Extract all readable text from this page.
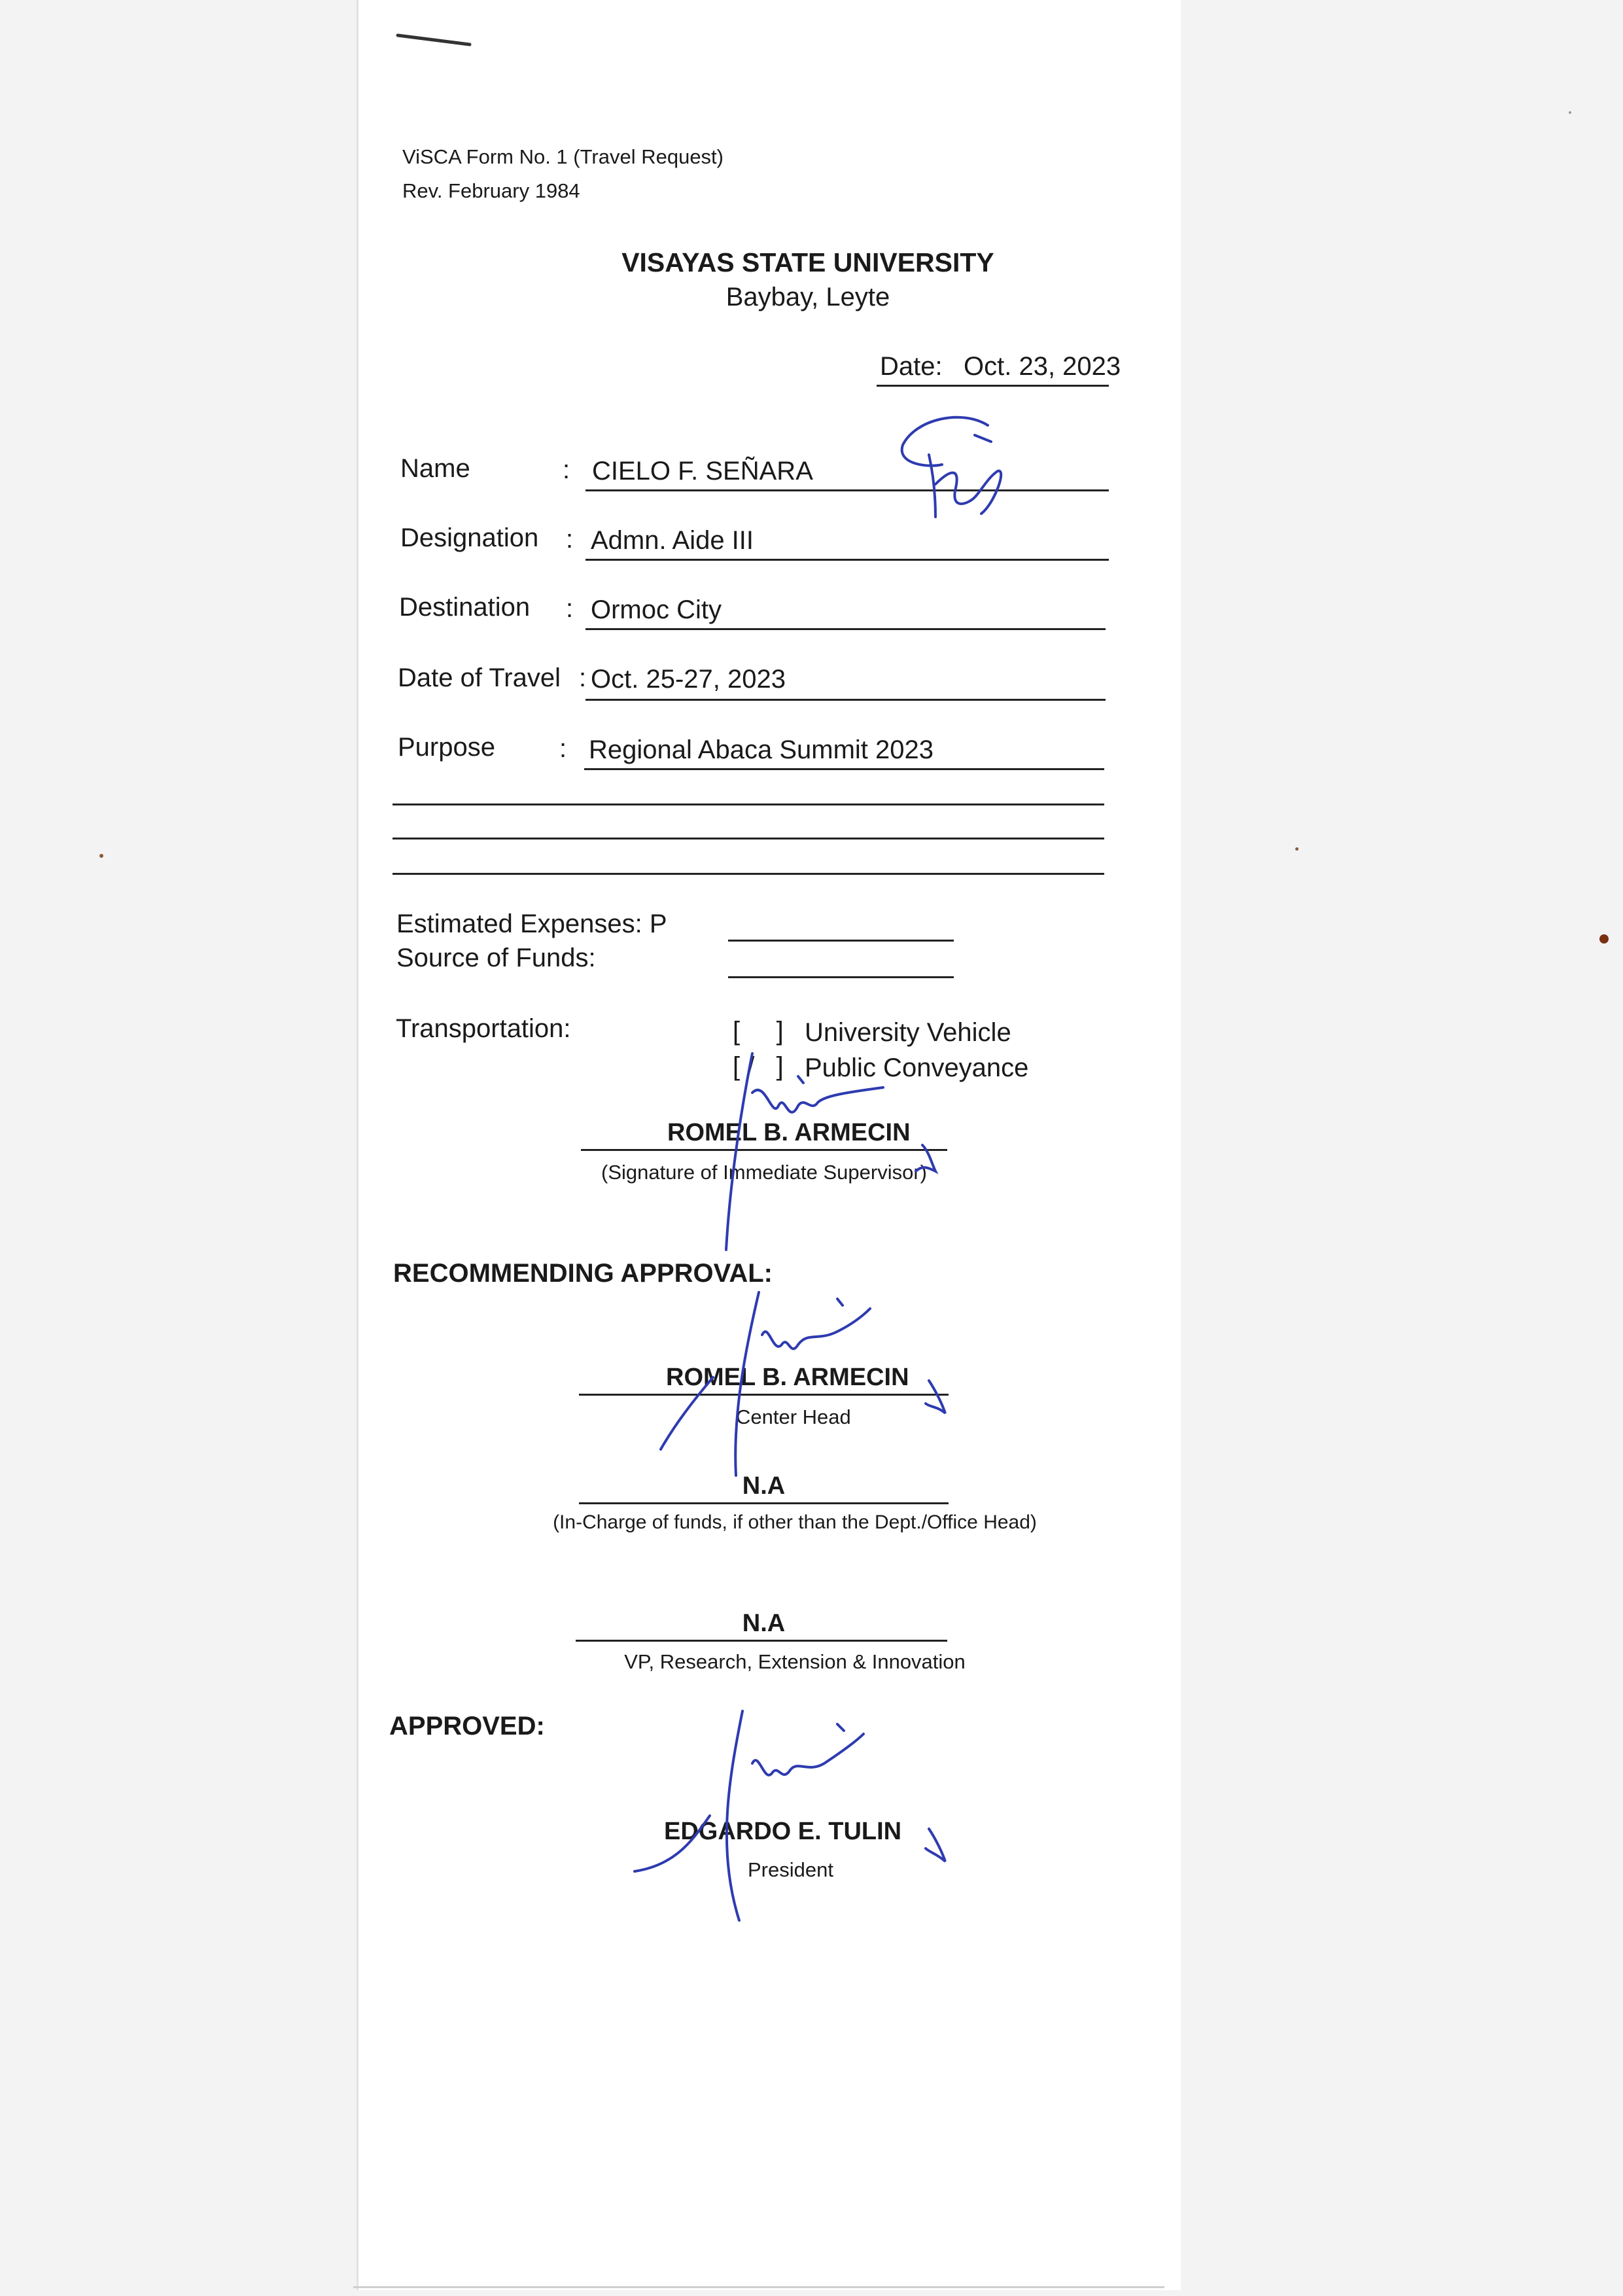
ViSCA Form No. 1 (Travel Request)
Rev. February 1984
VISAYAS STATE UNIVERSITY
Baybay, Leyte
Date: Oct. 23, 2023
Name	: CIELO F. SEÑARA
Designation : Admn. Aide III
Destination : Ormoc City
Date of Travel : Oct. 25-27, 2023
Purpose : Regional Abaca Summit 2023
Estimated Expenses: P
Source of Funds:
Transportation:	[     ] University Vehicle
[ /   ] Public Conveyance
ROMEL B. ARMECIN
(Signature of Immediate Supervisor)
RECOMMENDING APPROVAL:
ROMEL B. ARMECIN
Center Head
N.A
(In-Charge of funds, if other than the Dept./Office Head)
N.A
VP, Research, Extension & Innovation
APPROVED:
EDGARDO E. TULIN
President
